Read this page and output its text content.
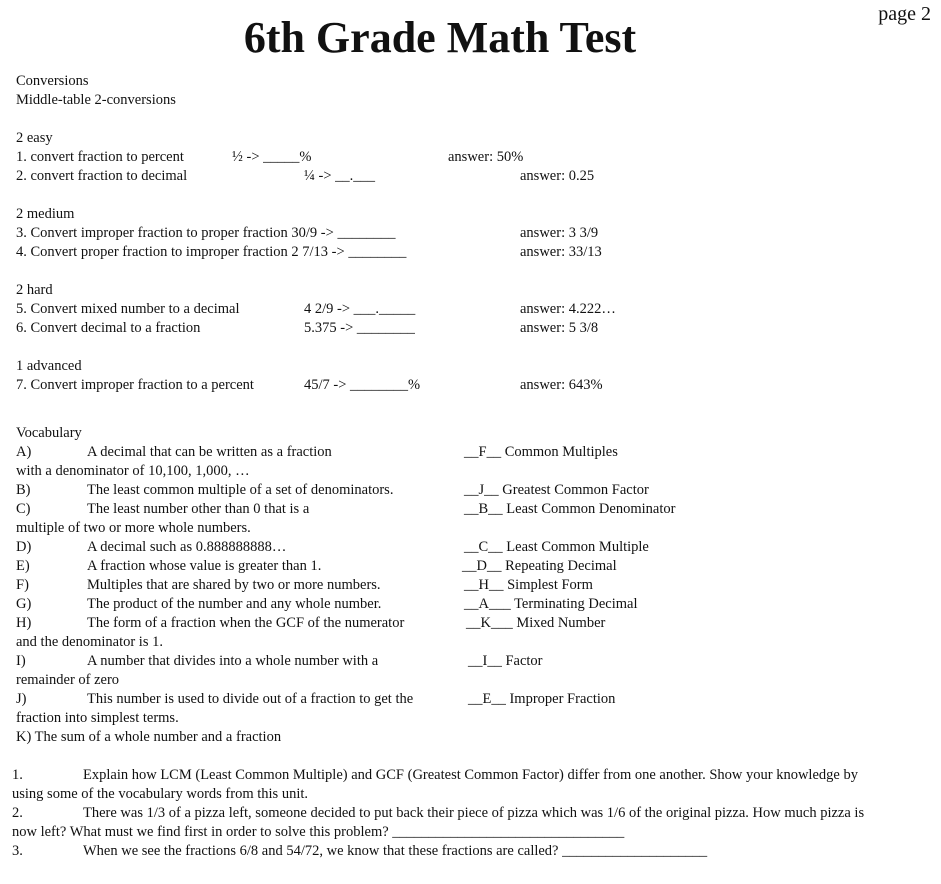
6th Grade Math Test	page 2
Conversions
Middle-table 2-conversions
2 easy
1. convert fraction to percent	½ -> _____%	answer: 50%
2. convert fraction to decimal	¼ -> __.___	answer: 0.25
2 medium
3. Convert improper fraction to proper fraction 30/9 -> ________	answer: 3 3/9
4. Convert proper fraction to improper fraction 2 7/13 -> ________	answer: 33/13
2 hard
5. Convert mixed number to a decimal	4 2/9 -> ___._____	answer: 4.222…
6. Convert decimal to a fraction	5.375 -> ________	answer: 5 3/8
1 advanced
7. Convert improper fraction to a percent	45/7 -> ________%	answer: 643%
Vocabulary
A)	A decimal that can be written as a fraction	__F__ Common Multiples
with a denominator of 10,100, 1,000, …
B)	The least common multiple of a set of denominators.	__J__ Greatest Common Factor
C)	The least number other than 0 that is a	__B__ Least Common Denominator
multiple of two or more whole numbers.
D)	A decimal such as 0.888888888…	__C__ Least Common Multiple
E)	A fraction whose value is greater than 1.	__D__ Repeating Decimal
F)	Multiples that are shared by two or more numbers.	__H__ Simplest Form
G)	The product of the number and any whole number.	__A___ Terminating Decimal
H)	The form of a fraction when the GCF of the numerator	__K___ Mixed Number
and the denominator is 1.
I)	A number that divides into a whole number with a	__I__ Factor
remainder of zero
J)	This number is used to divide out of a fraction to get the	__E__ Improper Fraction
fraction into simplest terms.
K) The sum of a whole number and a fraction
1.	Explain how LCM (Least Common Multiple) and GCF (Greatest Common Factor) differ from one another. Show your knowledge by
using some of the vocabulary words from this unit.
2.	There was 1/3 of a pizza left, someone decided to put back their piece of pizza which was 1/6 of the original pizza. How much pizza is
now left? What must we find first in order to solve this problem? ________________________________
3.	When we see the fractions 6/8 and 54/72, we know that these fractions are called? ____________________
